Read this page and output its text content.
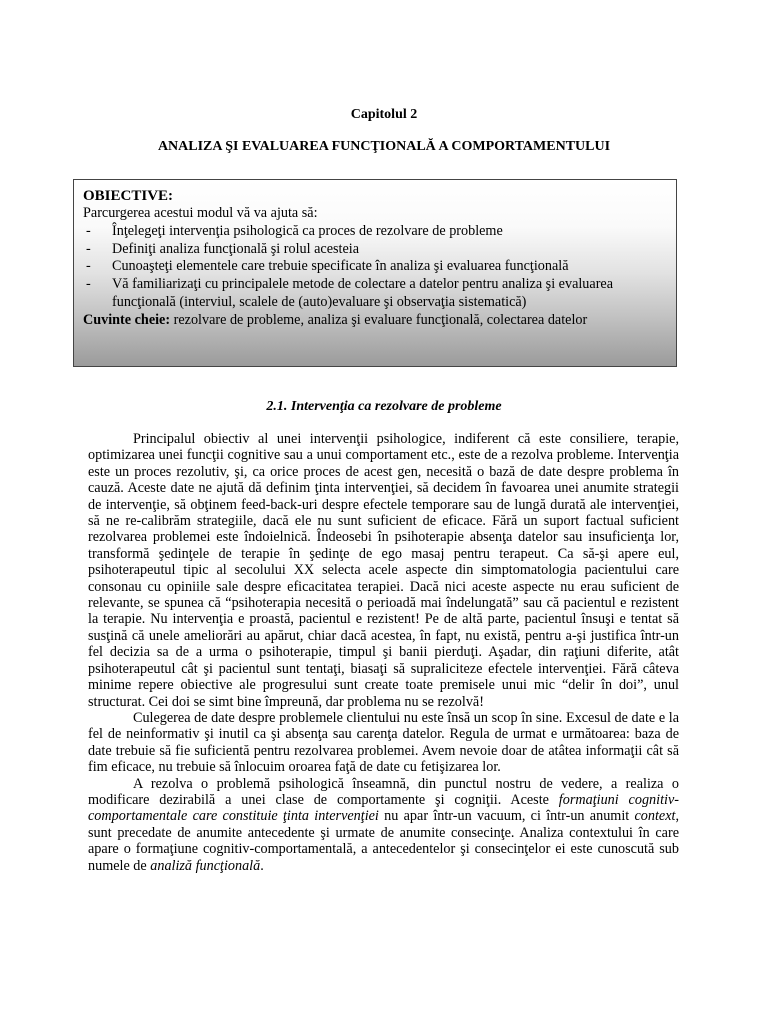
Capitolul 2
ANALIZA ŞI EVALUAREA FUNCŢIONALĂ A COMPORTAMENTULUI
OBIECTIVE:
Parcurgerea acestui modul vă va ajuta să:
- Înţelegeţi intervenţia psihologică ca proces de rezolvare de probleme
- Definiţi analiza funcţională şi rolul acesteia
- Cunoaşteţi elementele care trebuie specificate în analiza şi evaluarea funcţională
- Vă familiarizaţi cu principalele metode de colectare a datelor pentru analiza şi evaluarea funcţională (interviul, scalele de (auto)evaluare şi observaţia sistematică)
Cuvinte cheie: rezolvare de probleme, analiza şi evaluare funcţională, colectarea datelor
2.1. Intervenţia ca rezolvare de probleme

Principalul obiectiv al unei intervenţii psihologice, indiferent că este consiliere, terapie, optimizarea unei funcţii cognitive sau a unui comportament etc., este de a rezolva probleme. Intervenţia este un proces rezolutiv, şi, ca orice proces de acest gen, necesită o bază de date despre problema în cauză. Aceste date ne ajută dă definim ţinta intervenţiei, să decidem în favoarea unei anumite strategii de intervenţie, să obţinem feed-back-uri despre efectele temporare sau de lungă durată ale intervenţiei, să ne re-calibrăm strategiile, dacă ele nu sunt suficient de eficace. Fără un suport factual suficient rezolvarea problemei este îndoielnică. Îndeosebi în psihoterapie absenţa datelor sau insuficienţa lor, transformă şedinţele de terapie în şedinţe de ego masaj pentru terapeut. Ca să-şi apere eul, psihoterapeutul tipic al secolului XX selecta acele aspecte din simptomatologia pacientului care consonau cu opiniile sale despre eficacitatea terapiei. Dacă nici aceste aspecte nu erau suficient de relevante, se spunea că “psihoterapia necesită o perioadă mai îndelungată” sau că pacientul e rezistent la terapie. Nu intervenţia e proastă, pacientul e rezistent! Pe de altă parte, pacientul însuşi e tentat să susţină că unele ameliorări au apărut, chiar dacă acestea, în fapt, nu există, pentru a-şi justifica într-un fel decizia sa de a urma o psihoterapie, timpul şi banii pierduţi. Aşadar, din raţiuni diferite, atât psihoterapeutul cât şi pacientul sunt tentaţi, biasaţi să supraliciteze efectele intervenţiei. Fără câteva minime repere obiective ale progresului sunt create toate premisele unui mic “delir în doi”, unul structurat. Cei doi se simt bine împreună, dar problema nu se rezolvă!

Culegerea de date despre problemele clientului nu este însă un scop în sine. Excesul de date e la fel de neinformativ şi inutil ca şi absenţa sau carenţa datelor. Regula de urmat e următoarea: baza de date trebuie să fie suficientă pentru rezolvarea problemei. Avem nevoie doar de atâtea informaţii cât să fim eficace, nu trebuie să înlocuim oroarea faţă de date cu fetişizarea lor.

A rezolva o problemă psihologică înseamnă, din punctul nostru de vedere, a realiza o modificare dezirabilă a unei clase de comportamente şi cogniţii. Aceste formaţiuni cognitiv-comportamentale care constituie ţinta intervenţiei nu apar într-un vacuum, ci într-un anumit context, sunt precedate de anumite antecedente şi urmate de anumite consecinţe. Analiza contextului în care apare o formaţiune cognitiv-comportamentală, a antecedentelor şi consecinţelor ei este cunoscută sub numele de analiză funcţională.
